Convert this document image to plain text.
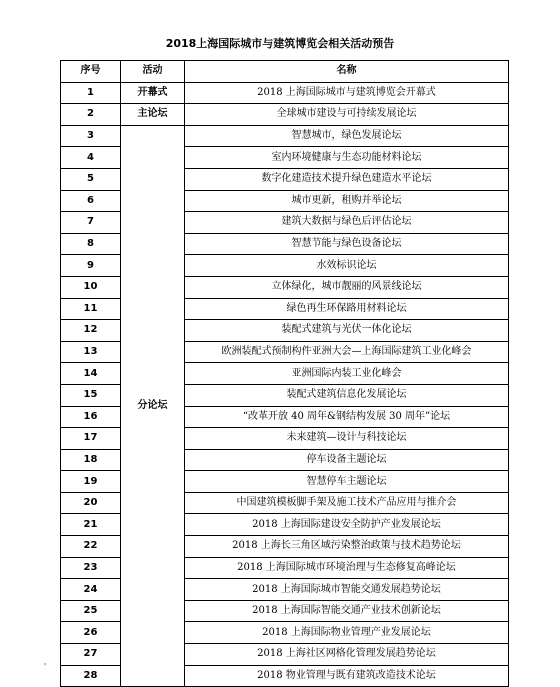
2018上海国际城市与建筑博览会相关活动预告
序号	活动	名称
1	开幕式	2018 上海国际城市与建筑博览会开幕式
2	主论坛	全球城市建设与可持续发展论坛
3	分论坛	智慧城市，绿色发展论坛
4		室内环境健康与生态功能材料论坛
5		数字化建造技术提升绿色建造水平论坛
6		城市更新，租购并举论坛
7		建筑大数据与绿色后评估论坛
8		智慧节能与绿色设备论坛
9		水效标识论坛
10		立体绿化，城市靓丽的风景线论坛
11		绿色再生环保路用材料论坛
12		装配式建筑与光伏一体化论坛
13		欧洲装配式预制构件亚洲大会—上海国际建筑工业化峰会
14		亚洲国际内装工业化峰会
15		装配式建筑信息化发展论坛
16		“改革开放 40 周年&钢结构发展 30 周年”论坛
17		未来建筑—设计与科技论坛
18		停车设备主题论坛
19		智慧停车主题论坛
20		中国建筑模板脚手架及施工技术产品应用与推介会
21		2018 上海国际建设安全防护产业发展论坛
22		2018 上海长三角区域污染整治政策与技术趋势论坛
23		2018 上海国际城市环境治理与生态修复高峰论坛
24		2018 上海国际城市智能交通发展趋势论坛
25		2018 上海国际智能交通产业技术创新论坛
26		2018 上海国际物业管理产业发展论坛
27		2018 上海社区网格化管理发展趋势论坛
28		2018 物业管理与既有建筑改造技术论坛
'
